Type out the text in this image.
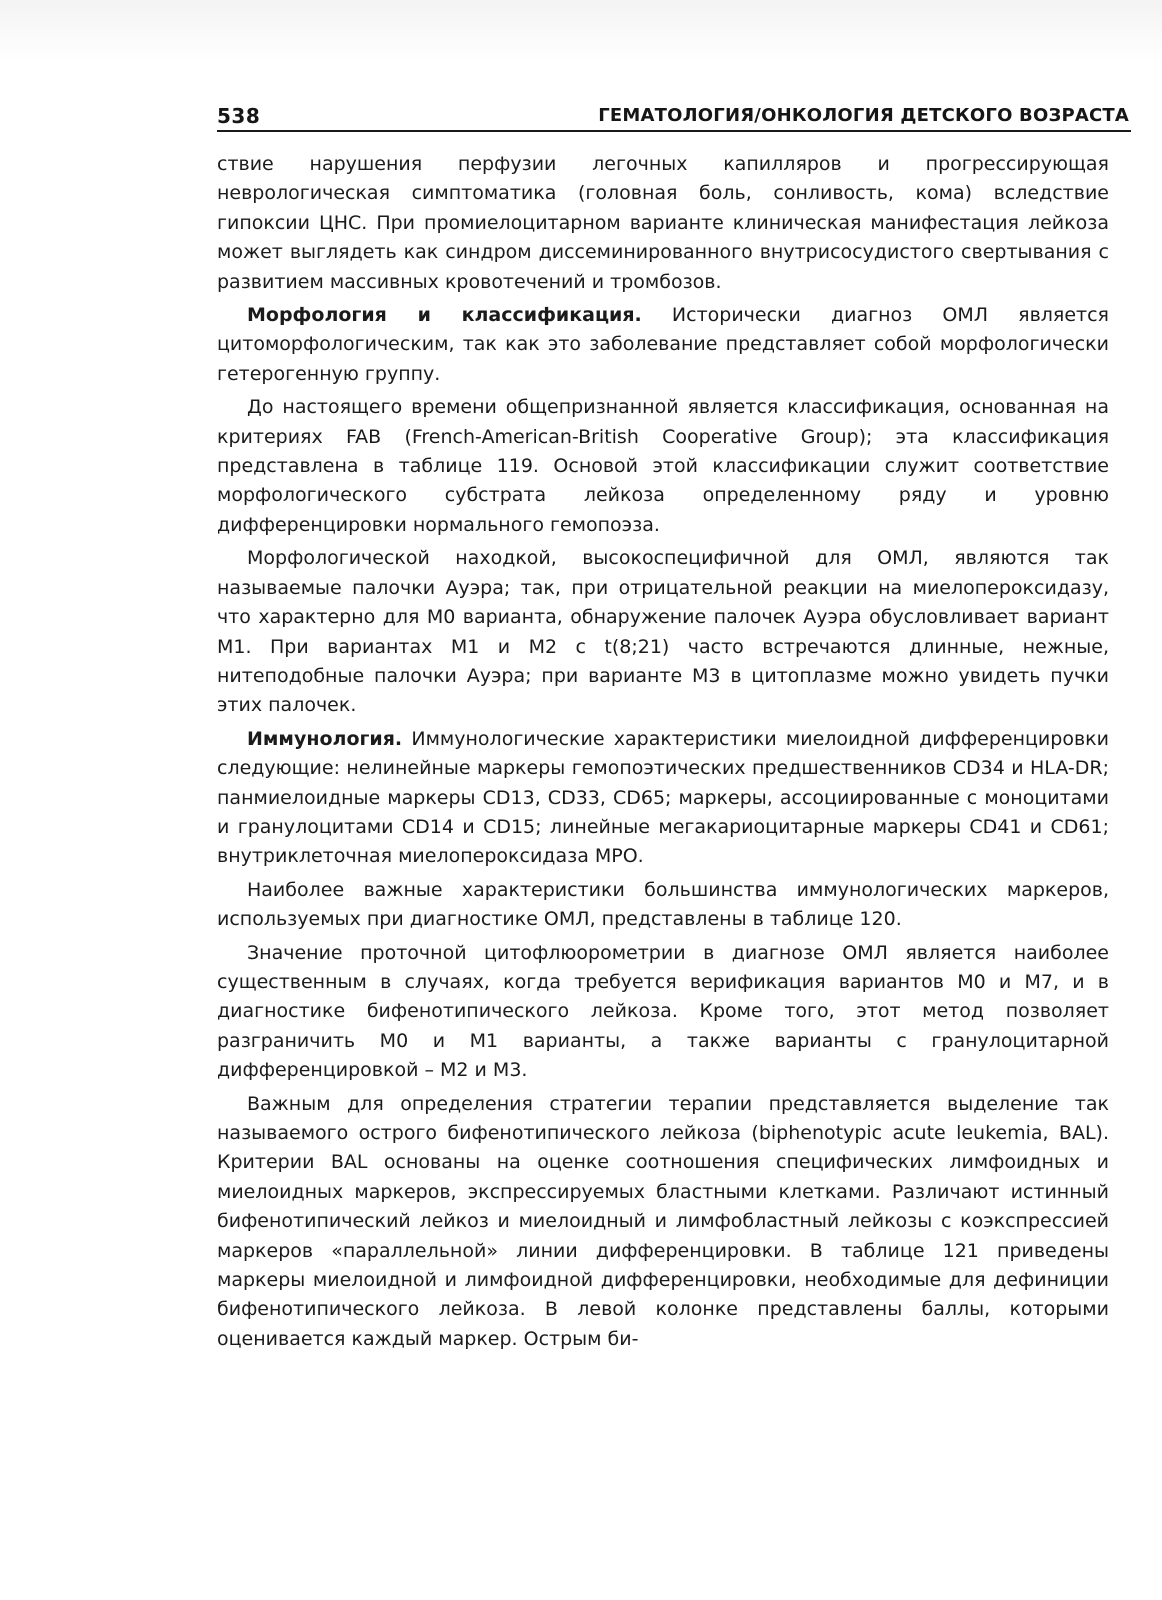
538	ГЕМАТОЛОГИЯ/ОНКОЛОГИЯ ДЕТСКОГО ВОЗРАСТА

ствие нарушения перфузии легочных капилляров и прогрессирующая неврологическая симптоматика (головная боль, сонливость, кома) вследствие гипоксии ЦНС. При промиелоцитарном варианте клиническая манифестация лейкоза может выглядеть как синдром диссеминированного внутрисосудистого свертывания с развитием массивных кровотечений и тромбозов.

Морфология и классификация. Исторически диагноз ОМЛ является цитоморфологическим, так как это заболевание представляет собой морфологически гетерогенную группу.

До настоящего времени общепризнанной является классификация, основанная на критериях FAB (French-American-British Cooperative Group); эта классификация представлена в таблице 119. Основой этой классификации служит соответствие морфологического субстрата лейкоза определенному ряду и уровню дифференцировки нормального гемопоэза.

Морфологической находкой, высокоспецифичной для ОМЛ, являются так называемые палочки Ауэра; так, при отрицательной реакции на миелопероксидазу, что характерно для М0 варианта, обнаружение палочек Ауэра обусловливает вариант М1. При вариантах М1 и М2 с t(8;21) часто встречаются длинные, нежные, нитеподобные палочки Ауэра; при варианте М3 в цитоплазме можно увидеть пучки этих палочек.

Иммунология. Иммунологические характеристики миелоидной дифференцировки следующие: нелинейные маркеры гемопоэтических предшественников CD34 и HLA-DR; панмиелоидные маркеры CD13, CD33, CD65; маркеры, ассоциированные с моноцитами и гранулоцитами CD14 и CD15; линейные мегакариоцитарные маркеры CD41 и CD61; внутриклеточная миелопероксидаза МРО.

Наиболее важные характеристики большинства иммунологических маркеров, используемых при диагностике ОМЛ, представлены в таблице 120.

Значение проточной цитофлюорометрии в диагнозе ОМЛ является наиболее существенным в случаях, когда требуется верификация вариантов М0 и М7, и в диагностике бифенотипического лейкоза. Кроме того, этот метод позволяет разграничить М0 и М1 варианты, а также варианты с гранулоцитарной дифференцировкой – М2 и М3.

Важным для определения стратегии терапии представляется выделение так называемого острого бифенотипического лейкоза (biphenotypic acute leukemia, BAL). Критерии BAL основаны на оценке соотношения специфических лимфоидных и миелоидных маркеров, экспрессируемых бластными клетками. Различают истинный бифенотипический лейкоз и миелоидный и лимфобластный лейкозы с коэкспрессией маркеров «параллельной» линии дифференцировки. В таблице 121 приведены маркеры миелоидной и лимфоидной дифференцировки, необходимые для дефиниции бифенотипического лейкоза. В левой колонке представлены баллы, которыми оценивается каждый маркер. Острым би-
